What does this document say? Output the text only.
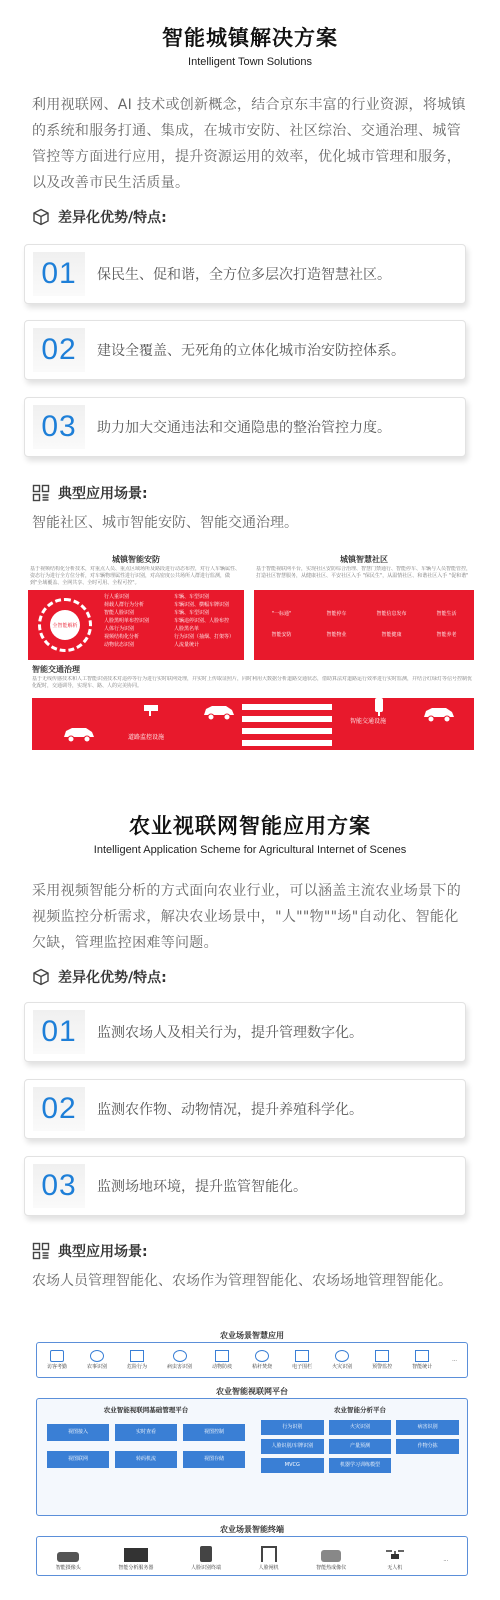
智能城镇解决方案
Intelligent Town Solutions
利用视联网、AI 技术或创新概念，结合京东丰富的行业资源，将城镇的系统和服务打通、集成，在城市安防、社区综治、交通治理、城管管控等方面进行应用，提升资源运用的效率，优化城市管理和服务，以及改善市民生活质量。
差异化优势/特点:
01	保民生、促和谐，全方位多层次打造智慧社区。
02	建设全覆盖、无死角的立体化城市治安防控体系。
03	助力加大交通违法和交通隐患的整治管控力度。
典型应用场景:
智能社区、城市智能安防、智能交通治理。
城镇智能安防
基于视频结构化分析技术，对重点人员、重点区域场所及路段进行动态布控，对行人车辆属性、姿态行为进行全方位分析，对车辆物理属性进行识别，对高密度公共场所人群进行监测，做到"全域覆盖、全网共享、全时可用、全程可控"。
全智能解析
行人重识别	车辆、车型识别
荷载人群行为分析	车辆识别、横幅车牌识别
智能人脸识别	车辆、车型识别
人脸黑明单布控识别	车辆违停识别、人脸布控
人体行为识别	人脸黑名单
视频结构化分析	行为识别（抽烟、打架等）
动物状态识别	人流量统计
城镇智慧社区
基于智能视联网平台，实现社区安防综合治理、智慧门禁通行、智能停车、车辆与人员智能管控，打造社区智慧服务，从健康社区、平安社区入手 "保民生"，从温情社区、和谐社区入手 "促和谐"
"一标通"	智能停车	智能信息发布	智能生活
智能安防	智能物业	智能健康	智能养老
智能交通治理
基于无线传感技术和人工智能识别技术对违停等行为进行实时联网处理，并实时上传取证照片，同时利用大数据分析道路交通状态，借助算法对道路运行效率进行实时监测，并结合红绿灯等信号控制优化配时，交通调导，实现车、路、人的完美协同。
智能交通设施
道路监控设施
农业视联网智能应用方案
Intelligent Application Scheme for Agricultural Internet of Scenes
采用视频智能分析的方式面向农业行业，可以涵盖主流农业场景下的视频监控分析需求，解决农业场景中，"人""物""场"自动化、智能化欠缺，管理监控困难等问题。
差异化优势/特点:
01	监测农场人及相关行为，提升管理数字化。
02	监测农作物、动物情况，提升养殖科学化。
03	监测场地环境，提升监管智能化。
典型应用场景:
农场人员管理智能化、农场作为管理智能化、农场场地管理智能化。
农业场景智慧应用
访客考勤	农事识别	危险行为	病虫害识别	动物防疫	秸秆焚烧	电子围栏	火灾识别	预警监控	智能统计
...
农业智能视联网平台
农业智能视联网基础管理平台
视图接入	实时查看	视图控制
视图联网	转码机流	视图存储
农业智能分析平台
行为识别	火灾识别	病害识别
人脸识别/车牌识别	产量预测	作物分拣
MVCG	机器学习训练模型
农业场景智能终端
智能摄像头	智能分析服务器	人脸识别终端	人脸闸机	智能热成像仪	无人机
...
